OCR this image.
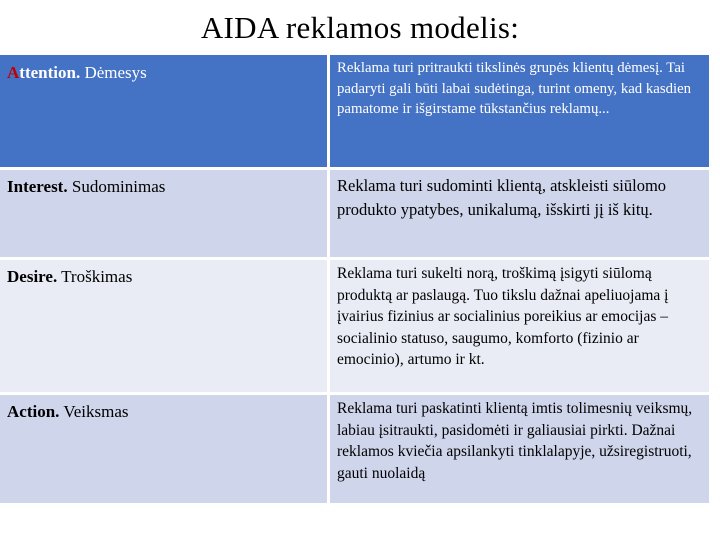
AIDA reklamos modelis:
Attention. Dėmesys	Reklama turi pritraukti tikslinės grupės klientų dėmesį. Tai padaryti gali būti labai sudėtinga, turint omeny, kad kasdien pamatome ir išgirstame tūkstančius reklamų...
Interest. Sudominimas	Reklama turi sudominti klientą, atskleisti siūlomo produkto ypatybes, unikalumą, išskirti jį iš kitų.
Desire. Troškimas	Reklama turi sukelti norą, troškimą įsigyti siūlomą produktą ar paslaugą. Tuo tikslu dažnai apeliuojama į įvairius fizinius ar socialinius poreikius ar emocijas – socialinio statuso, saugumo, komforto (fizinio ar emocinio), artumo ir kt.
Action. Veiksmas	Reklama turi paskatinti klientą imtis tolimesnių veiksmų, labiau įsitraukti, pasidomėti ir galiausiai pirkti. Dažnai reklamos kviečia apsilankyti tinklalapyje, užsiregistruoti, gauti nuolaidą
